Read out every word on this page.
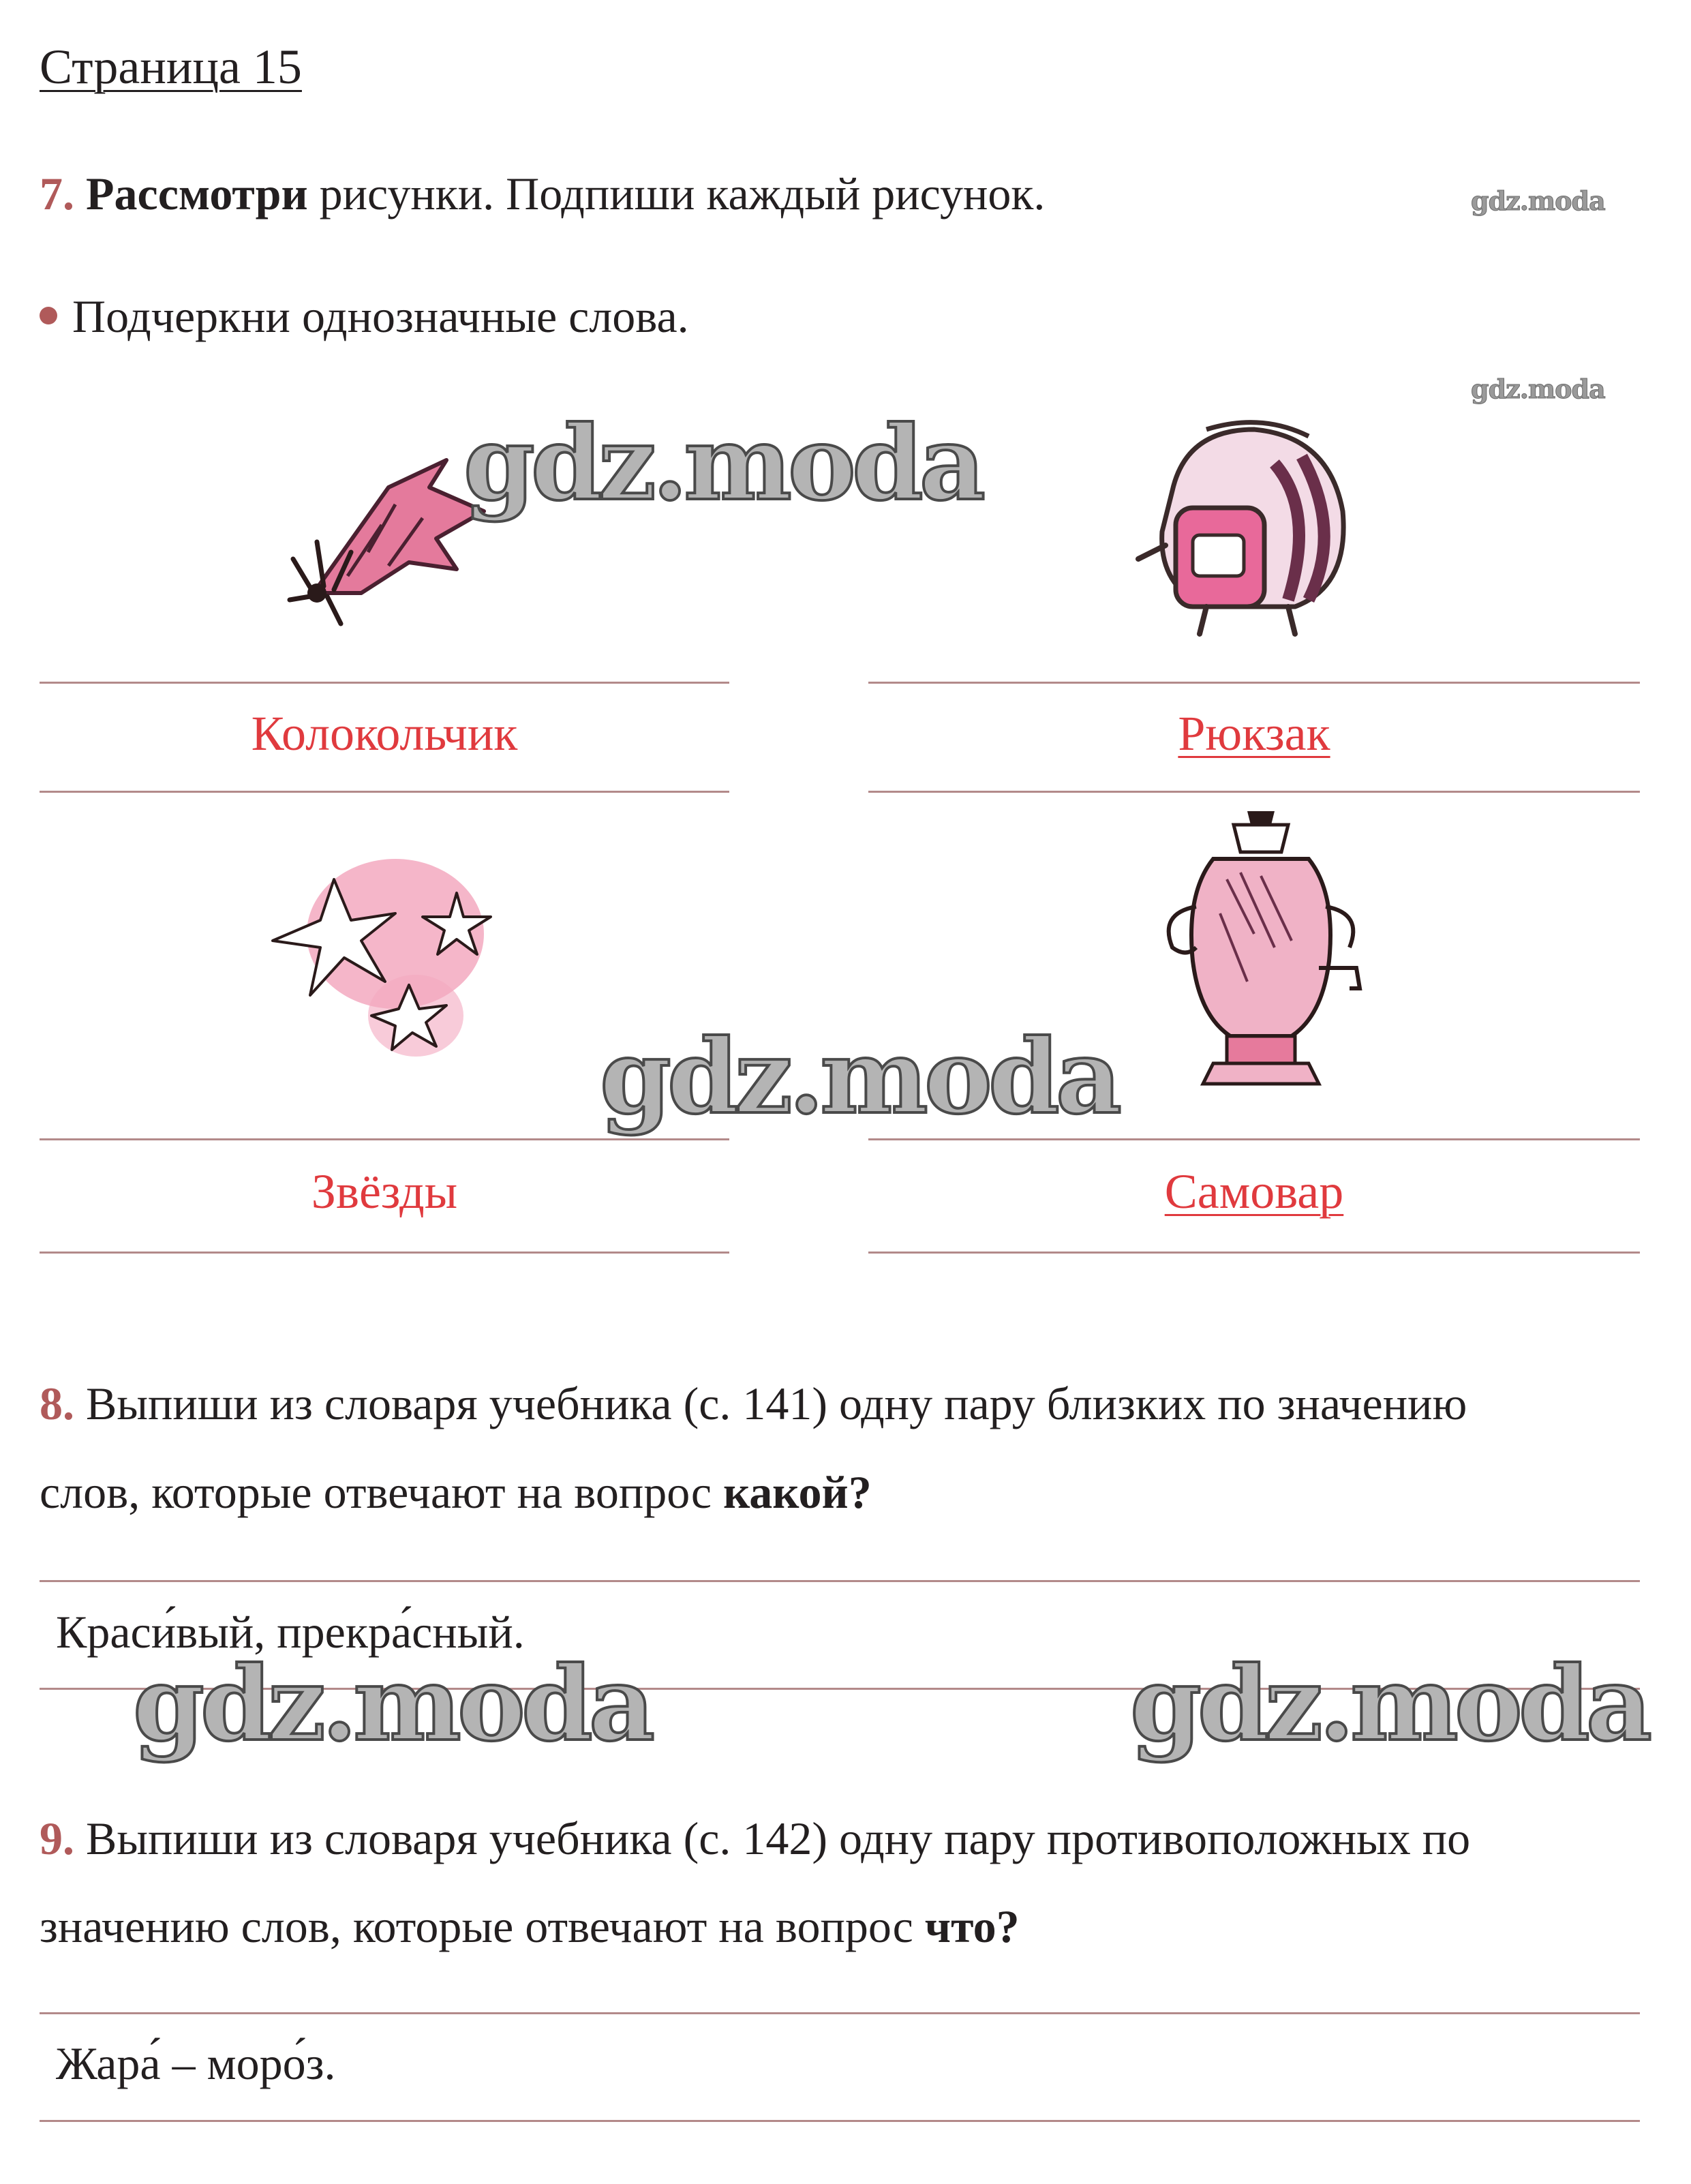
Страница 15
gdz.moda
gdz.moda
7. Рассмотри рисунки. Подпиши каждый рисунок.
Подчеркни однозначные слова.
gdz.moda
Колокольчик	Рюкзак
gdz.moda
Звёзды	Самовар
8. Выпиши из словаря учебника (с. 141) одну пару близких по значению
слов, которые отвечают на вопрос какой?
Краси́вый, прекра́сный.
gdz.moda	gdz.moda
9. Выпиши из словаря учебника (с. 142) одну пару противоположных по
значению слов, которые отвечают на вопрос что?
Жара́ – моро́з.
